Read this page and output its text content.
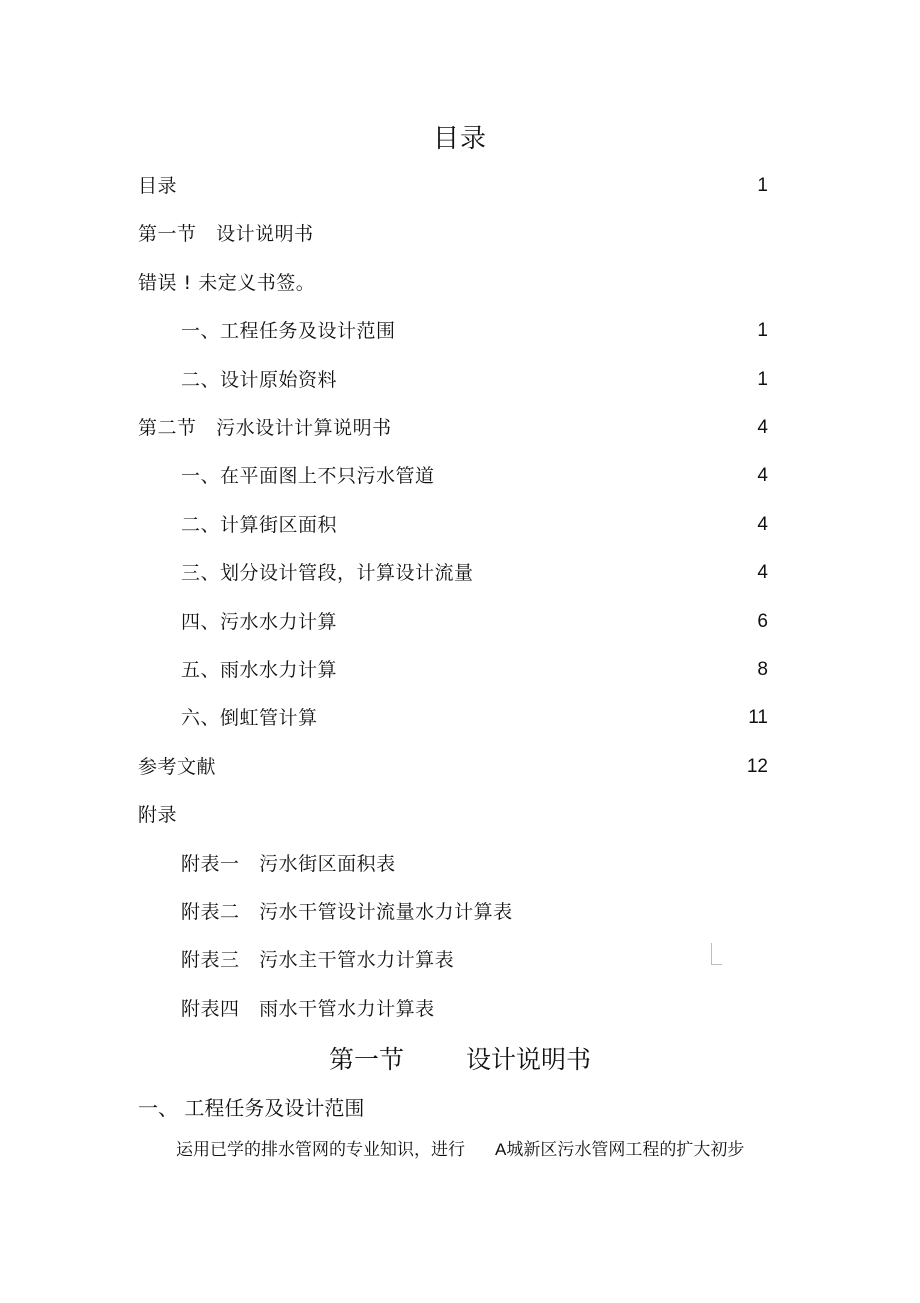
目录
目录	1
第一节   设计说明书
错误 ! 未定义书签。
一、工程任务及设计范围	1
二、设计原始资料	1
第二节   污水设计计算说明书	4
一、在平面图上不只污水管道	4
二、计算街区面积	4
三、划分设计管段，计算设计流量	4
四、污水水力计算	6
五、雨水水力计算	8
六、倒虹管计算	11
参考文献	12
附录
附表一   污水街区面积表
附表二   污水干管设计流量水力计算表
附表三   污水主干管水力计算表
附表四   雨水干管水力计算表
第一节 设计说明书
一、 工程任务及设计范围
运用已学的排水管网的专业知识，进行 A城新区污水管网工程的扩大初步
